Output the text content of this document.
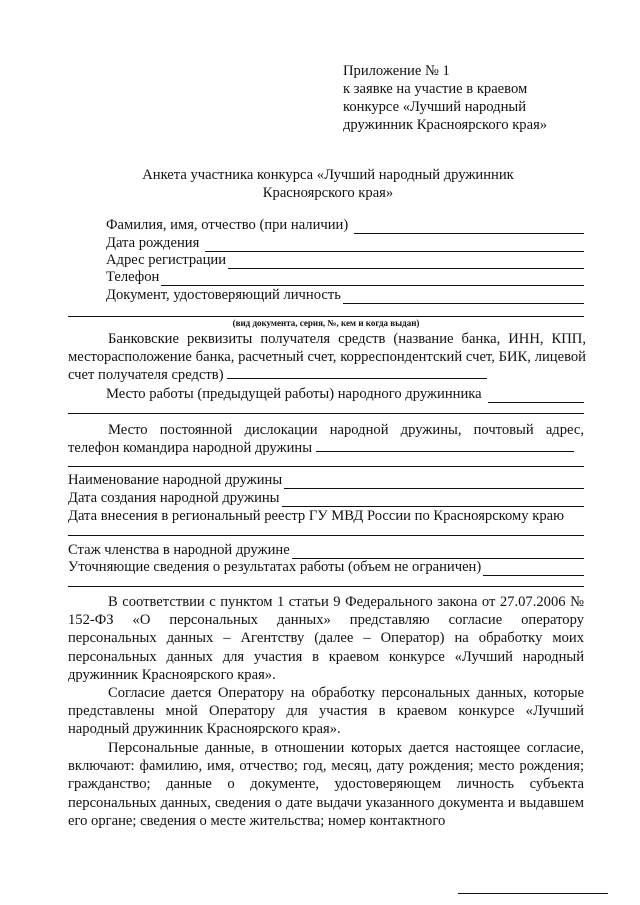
Приложение № 1
к заявке на участие в краевом
конкурсе «Лучший народный
дружинник Красноярского края»
Анкета участника конкурса «Лучший народный дружинник
Красноярского края»
Фамилия, имя, отчество (при наличии)
Дата рождения
Адрес регистрации
Телефон
Документ, удостоверяющий личность
(вид документа, серия, №, кем и когда выдан)
Банковские реквизиты получателя средств (название банка, ИНН, КПП, месторасположение банка, расчетный счет, корреспондентский счет, БИК, лицевой счет получателя средств)
Место работы (предыдущей работы) народного дружинника
Место постоянной дислокации народной дружины, почтовый адрес, телефон командира народной дружины
Наименование народной дружины
Дата создания народной дружины
Дата внесения в региональный реестр ГУ МВД России по Красноярскому краю
Стаж членства в народной дружине
Уточняющие сведения о результатах работы (объем не ограничен)
В соответствии с пунктом 1 статьи 9 Федерального закона от 27.07.2006 № 152-ФЗ «О персональных данных» представляю согласие оператору персональных данных – Агентству (далее – Оператор) на обработку моих персональных данных для участия в краевом конкурсе «Лучший народный дружинник Красноярского края».
Согласие дается Оператору на обработку персональных данных, которые представлены мной Оператору для участия в краевом конкурсе «Лучший народный дружинник Красноярского края».
Персональные данные, в отношении которых дается настоящее согласие, включают: фамилию, имя, отчество; год, месяц, дату рождения; место рождения; гражданство; данные о документе, удостоверяющем личность субъекта персональных данных, сведения о дате выдачи указанного документа и выдавшем его органе; сведения о месте жительства; номер контактного
